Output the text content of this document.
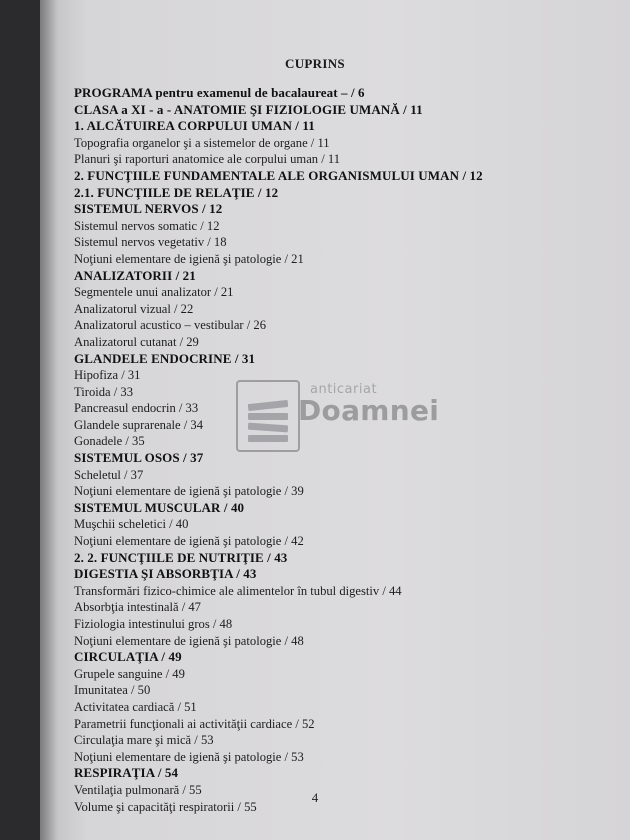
CUPRINS
anticariat
Doamnei
PROGRAMA pentru examenul de bacalaureat – / 6
CLASA a XI - a - ANATOMIE ŞI FIZIOLOGIE UMANĂ / 11
1. ALCĂTUIREA CORPULUI UMAN / 11
Topografia organelor şi a sistemelor de organe / 11
Planuri şi raporturi anatomice ale corpului uman / 11
2. FUNCŢIILE FUNDAMENTALE ALE ORGANISMULUI UMAN / 12
2.1. FUNCŢIILE DE RELAŢIE / 12
SISTEMUL NERVOS / 12
Sistemul nervos somatic / 12
Sistemul nervos vegetativ / 18
Noţiuni elementare de igienă şi patologie / 21
ANALIZATORII / 21
Segmentele unui analizator / 21
Analizatorul vizual / 22
Analizatorul acustico – vestibular / 26
Analizatorul cutanat / 29
GLANDELE ENDOCRINE / 31
Hipofiza / 31
Tiroida / 33
Pancreasul endocrin / 33
Glandele suprarenale / 34
Gonadele / 35
SISTEMUL OSOS / 37
Scheletul / 37
Noţiuni elementare de igienă şi patologie / 39
SISTEMUL MUSCULAR / 40
Muşchii scheletici / 40
Noţiuni elementare de igienă şi patologie / 42
2. 2. FUNCŢIILE DE NUTRIŢIE / 43
DIGESTIA ŞI ABSORBŢIA / 43
Transformări fizico-chimice ale alimentelor în tubul digestiv / 44
Absorbţia intestinală / 47
Fiziologia intestinului gros / 48
Noţiuni elementare de igienă şi patologie / 48
CIRCULAŢIA / 49
Grupele sanguine / 49
Imunitatea / 50
Activitatea cardiacă / 51
Parametrii funcţionali ai activităţii cardiace / 52
Circulaţia mare şi mică / 53
Noţiuni elementare de igienă şi patologie / 53
RESPIRAŢIA / 54
Ventilaţia pulmonară / 55
Volume şi capacităţi respiratorii / 55
4
